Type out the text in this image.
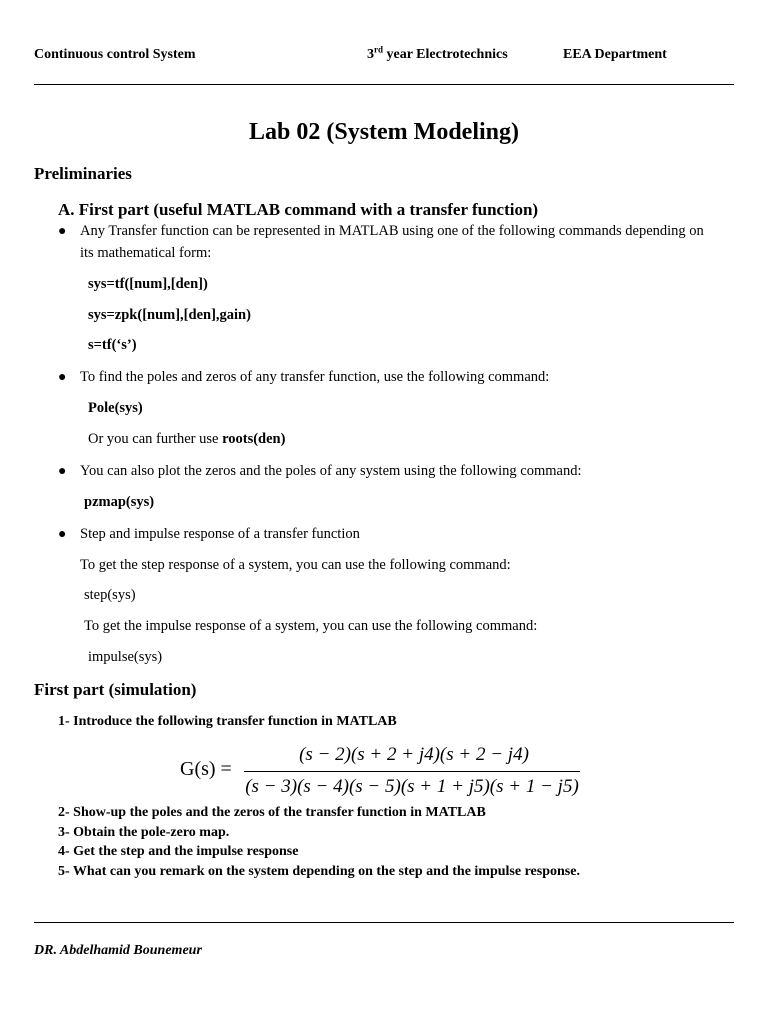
Continuous control System	3rd year Electrotechnics	EEA Department
Lab 02 (System Modeling)
Preliminaries
A. First part (useful MATLAB command with a transfer function)
● Any Transfer function can be represented in MATLAB using one of the following commands depending on
its mathematical form:
sys=tf([num],[den])
sys=zpk([num],[den],gain)
s=tf(‘s’)
● To find the poles and zeros of any transfer function, use the following command:
Pole(sys)
Or you can further use roots(den)
● You can also plot the zeros and the poles of any system using the following command:
pzmap(sys)
● Step and impulse response of a transfer function
To get the step response of a system, you can use the following command:
step(sys)
To get the impulse response of a system, you can use the following command:
impulse(sys)
First part (simulation)
1- Introduce the following transfer function in MATLAB
G(s) =
(s − 2)(s + 2 + j4)(s + 2 − j4)
(s − 3)(s − 4)(s − 5)(s + 1 + j5)(s + 1 − j5)
2- Show-up the poles and the zeros of the transfer function in MATLAB
3- Obtain the pole-zero map.
4- Get the step and the impulse response
5- What can you remark on the system depending on the step and the impulse response.
DR. Abdelhamid Bounemeur
